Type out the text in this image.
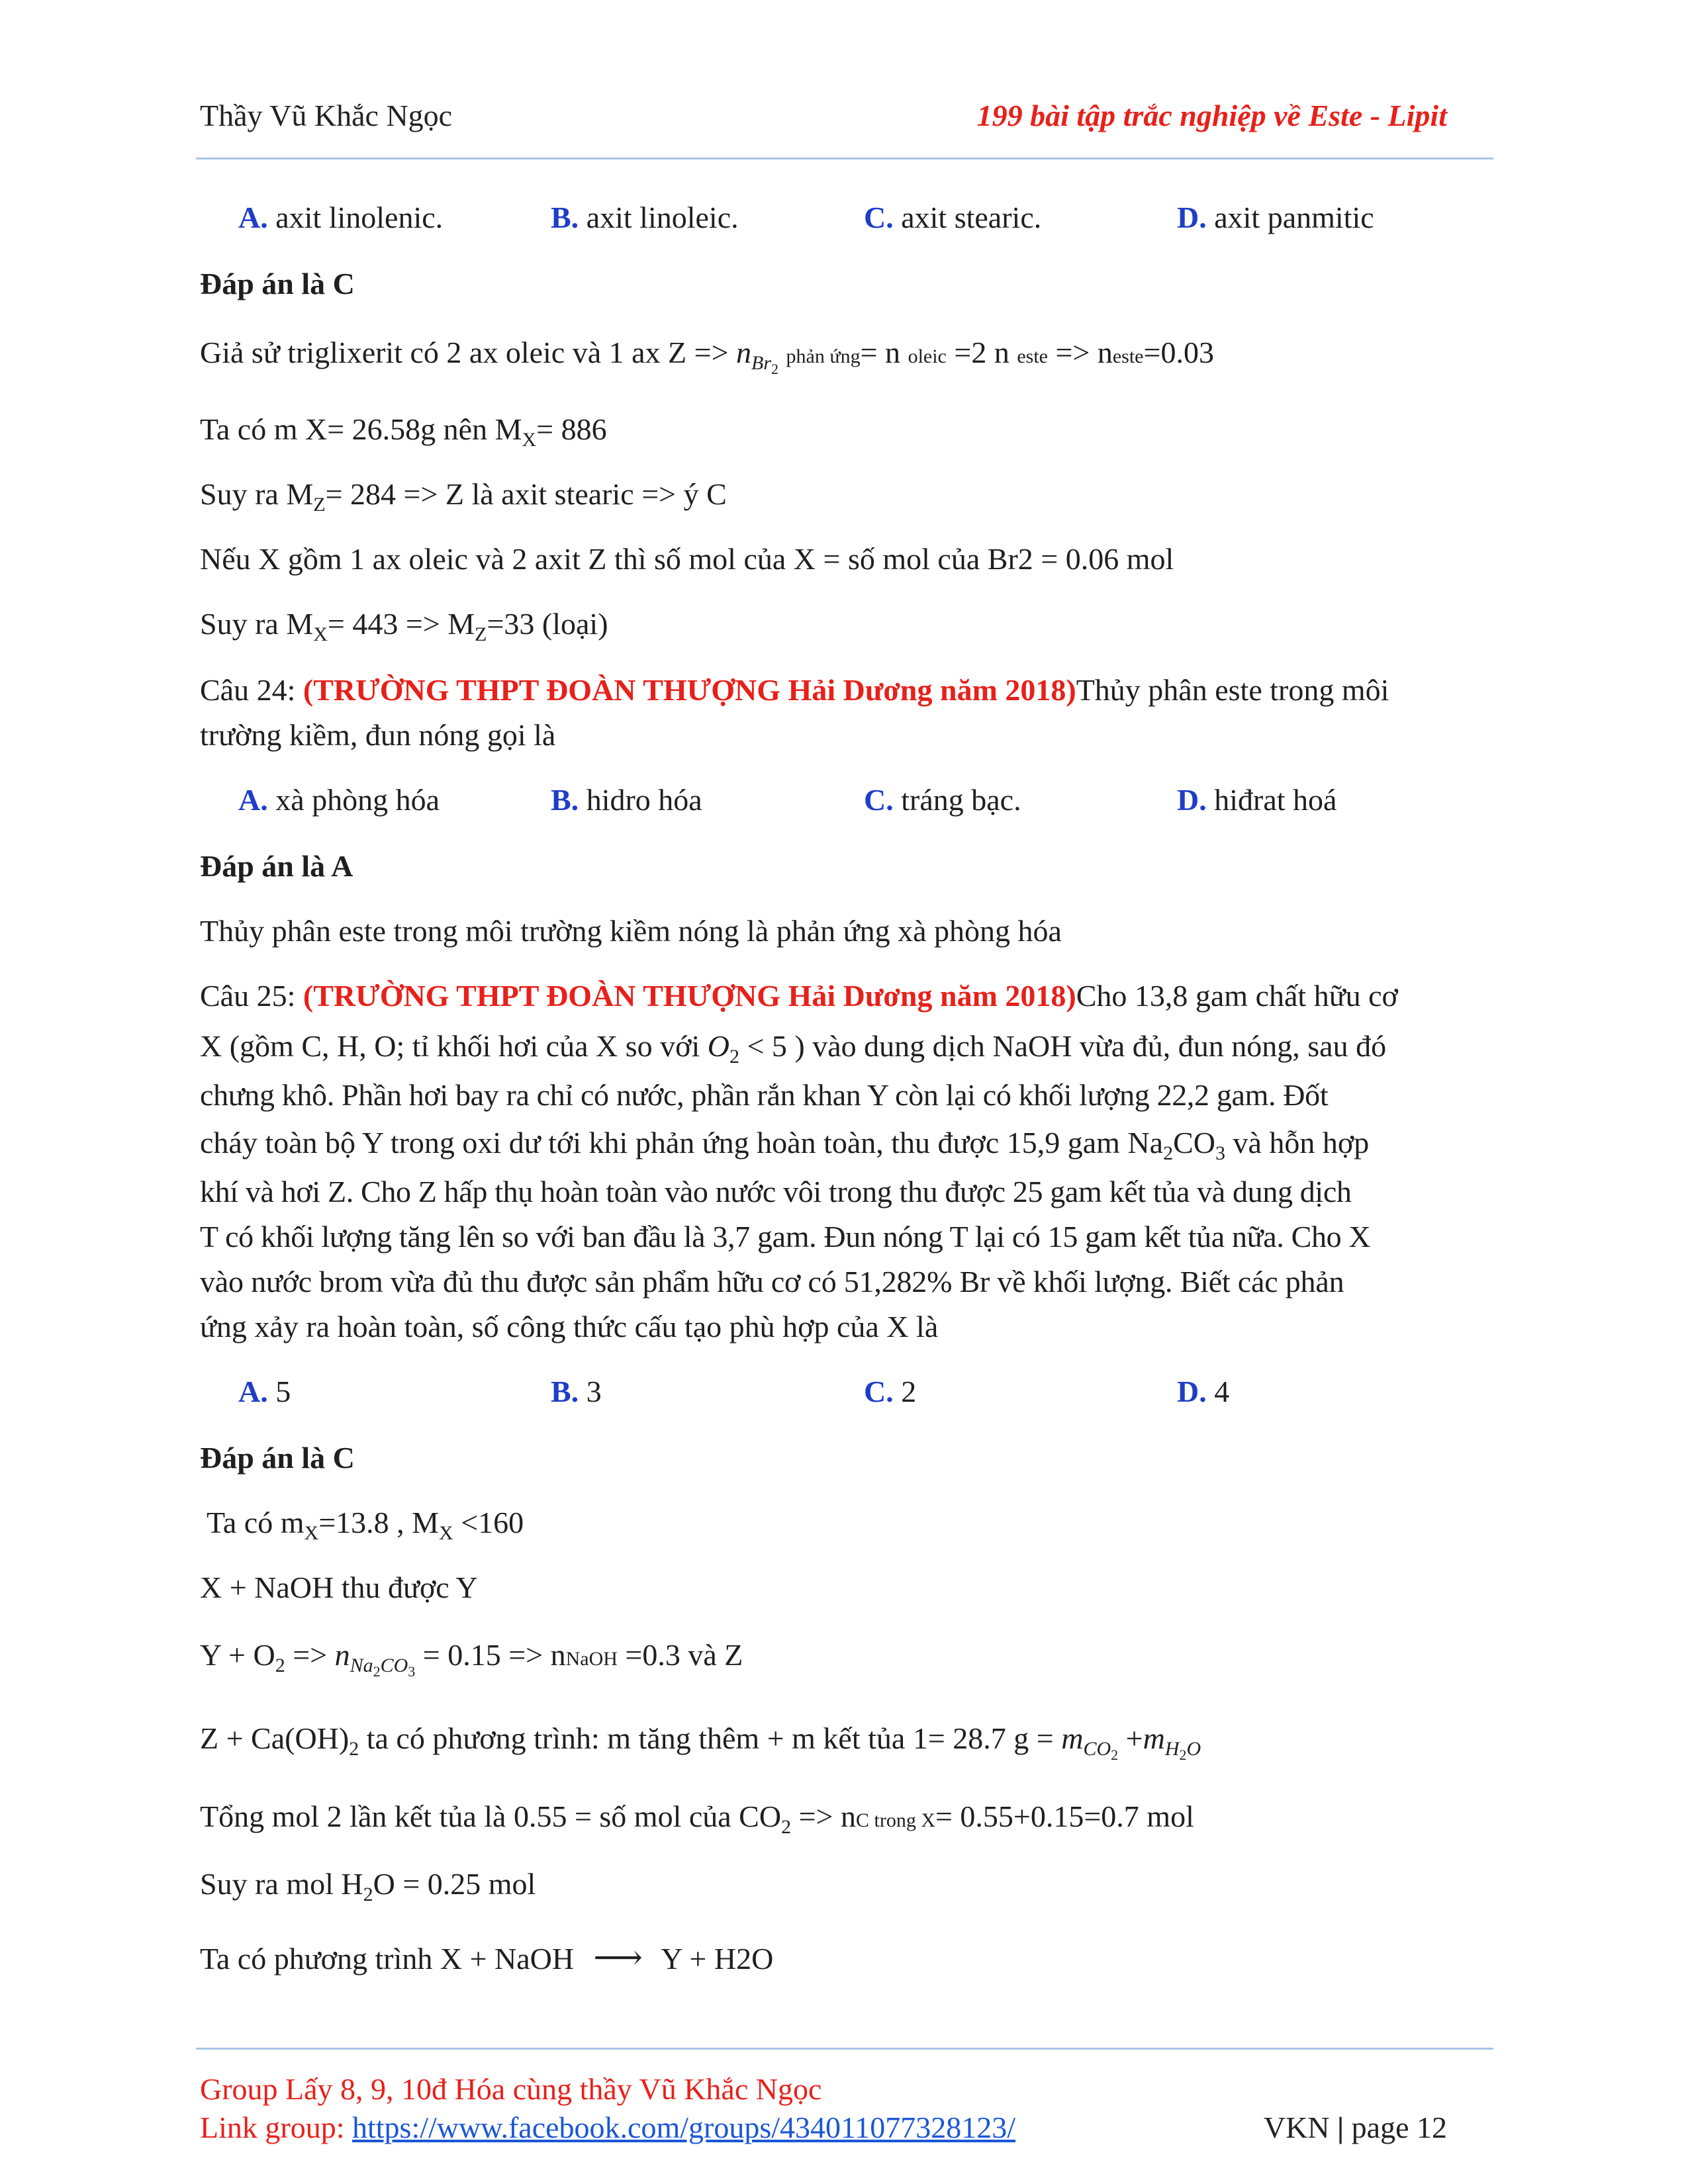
Thầy Vũ Khắc Ngọc	199 bài tập trắc nghiệp về Este - Lipit
A. axit linolenic.	B. axit linoleic.	C. axit stearic.	D. axit panmitic
Đáp án là C
Giả sử triglixerit có 2 ax oleic và 1 ax $Z => n_{Br_2}$ phản ứng= n oleic =2 n este => neste=0.03
Ta có m X= 26.58g nên $M_X= 886$
Suy ra $M_Z= 284 => Z$ là axit stearic => ý C
Nếu X gồm 1 ax oleic và 2 axit Z thì số mol của X = số mol của Br2 = 0.06 mol
Suy ra $M_X= 443 => M_Z=33$ (loại)
Câu 24: (TRƯỜNG THPT ĐOÀN THƯỢNG Hải Dương năm 2018)Thủy phân este trong môi
trường kiềm, đun nóng gọi là
A. xà phòng hóa	B. hidro hóa	C. tráng bạc.	D. hiđrat hoá
Đáp án là A
Thủy phân este trong môi trường kiềm nóng là phản ứng xà phòng hóa
Câu 25: (TRƯỜNG THPT ĐOÀN THƯỢNG Hải Dương năm 2018)Cho 13,8 gam chất hữu cơ
X (gồm C, H, O; tỉ khối hơi của X so với $O_2 < 5$ ) vào dung dịch NaOH vừa đủ, đun nóng, sau đó
chưng khô. Phần hơi bay ra chỉ có nước, phần rắn khan Y còn lại có khối lượng 22,2 gam. Đốt
cháy toàn bộ Y trong oxi dư tới khi phản ứng hoàn toàn, thu được 15,9 gam $Na_2CO_3$ và hỗn hợp
khí và hơi Z. Cho Z hấp thụ hoàn toàn vào nước vôi trong thu được 25 gam kết tủa và dung dịch
T có khối lượng tăng lên so với ban đầu là 3,7 gam. Đun nóng T lại có 15 gam kết tủa nữa. Cho X
vào nước brom vừa đủ thu được sản phẩm hữu cơ có 51,282% Br về khối lượng. Biết các phản
ứng xảy ra hoàn toàn, số công thức cấu tạo phù hợp của X là
A. 5	B. 3	C. 2	D. 4
Đáp án là C
Ta có $m_X=13.8$ , $M_X <160$
X + NaOH thu được Y
$Y + O_2 => n_{Na_2CO_3} = 0.15$ => nNaOH =0.3 và Z
$Z + Ca(OH)_2$ ta có phương trình: m tăng thêm + m kết tủa 1= 28.7 $g = m_{CO_2} +m_{H_2O}$
Tổng mol 2 lần kết tủa là 0.55 = số mol của $CO_2$ => nC trong X= 0.55+0.15=0.7 mol
Suy ra mol $H_2O = 0.25$ mol
Ta có phương trình X + NaOH ⟶ Y + H2O
Group Lấy 8, 9, 10đ Hóa cùng thầy Vũ Khắc Ngọc
Link group: https://www.facebook.com/groups/434011077328123/	VKN | page 12
